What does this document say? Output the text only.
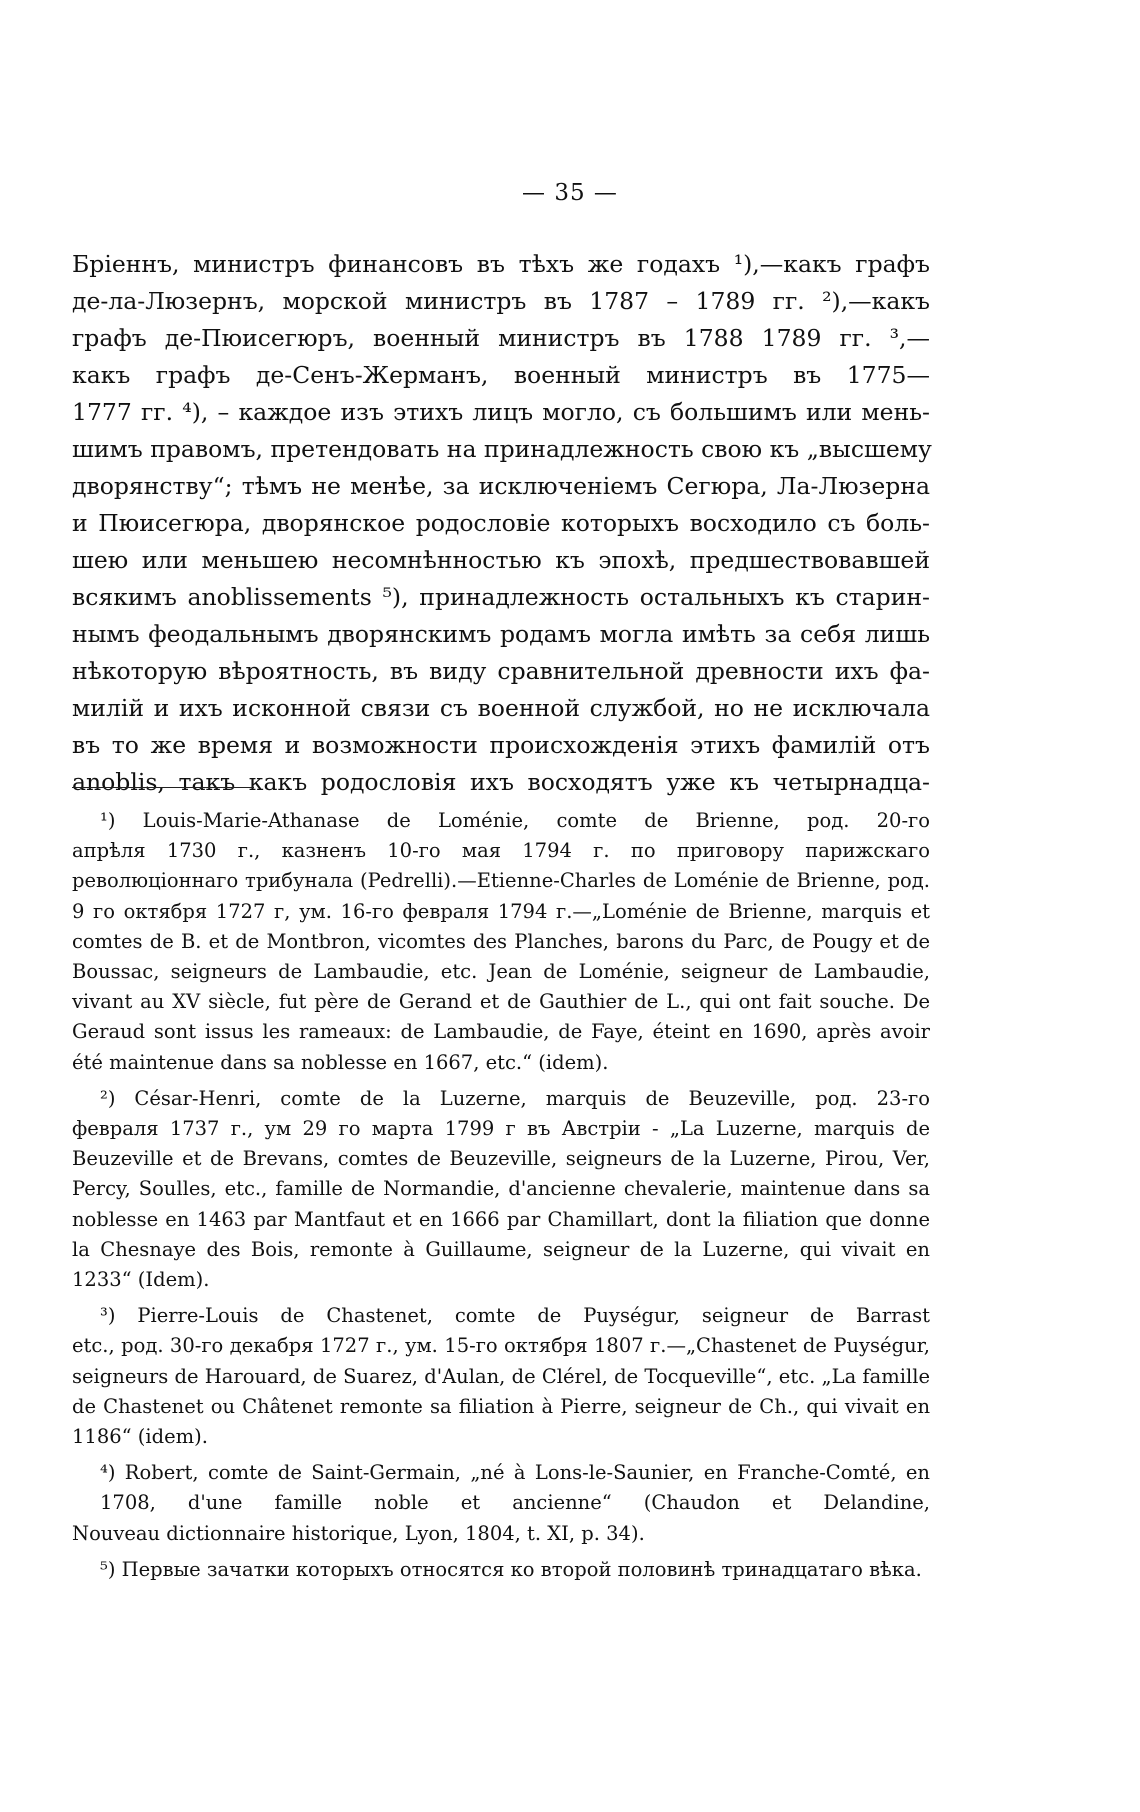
— 35 —
Бріеннъ, министръ финансовъ въ тѣхъ же годахъ ¹),—какъ графъ
де-ла-Люзернъ, морской министръ въ 1787 – 1789 гг. ²),—какъ
графъ де-Пюисегюръ, военный министръ въ 1788 1789 гг. ³,—
какъ графъ де-Сенъ-Жерманъ, военный министръ въ 1775—
1777 гг. ⁴), – каждое изъ этихъ лицъ могло, съ большимъ или мень-
шимъ правомъ, претендовать на принадлежность свою къ „высшему
дворянству“; тѣмъ не менѣе, за исключеніемъ Сегюра, Ла-Люзерна
и Пюисегюра, дворянское родословіе которыхъ восходило съ боль-
шею или меньшею несомнѣнностью къ эпохѣ, предшествовавшей
всякимъ anoblissements ⁵), принадлежность остальныхъ къ старин-
нымъ феодальнымъ дворянскимъ родамъ могла имѣть за себя лишь
нѣкоторую вѣроятность, въ виду сравнительной древности ихъ фа-
милій и ихъ исконной связи съ военной службой, но не исключала
въ то же время и возможности происхожденія этихъ фамилій отъ
anoblis, такъ какъ родословія ихъ восходятъ уже къ четырнадца-
¹) Louis-Marie-Athanase de Loménie, comte de Brienne, род. 20-го
апрѣля 1730 г., казненъ 10-го мая 1794 г. по приговору парижскаго революціоннаго трибунала (Pedrelli).—Etienne-Charles de Loménie de Brienne, род. 9 го октября 1727 г, ум. 16-го февраля 1794 г.—„Loménie de Brienne, marquis et comtes de B. et de Montbron, vicomtes des Planches, barons du Parc, de Pougy et de Boussac, seigneurs de Lambaudie, etc. Jean de Loménie, seigneur de Lambaudie, vivant au XV siècle, fut père de Gerand et de Gauthier de L., qui ont fait souche. De Geraud sont issus les rameaux: de Lambaudie, de Faye, éteint en 1690, après avoir été maintenue dans sa noblesse en 1667, etc.“ (idem).
²) César-Henri, comte de la Luzerne, marquis de Beuzeville, род. 23-го
февраля 1737 г., ум 29 го марта 1799 г въ Австріи - „La Luzerne, marquis de Beuzeville et de Brevans, comtes de Beuzeville, seigneurs de la Luzerne, Pirou, Ver, Percy, Soulles, etc., famille de Normandie, d'ancienne chevalerie, maintenue dans sa noblesse en 1463 par Mantfaut et en 1666 par Chamillart, dont la filiation que donne la Chesnaye des Bois, remonte à Guillaume, seigneur de la Luzerne, qui vivait en 1233“ (Idem).
³) Pierre-Louis de Chastenet, comte de Puységur, seigneur de Barrast
etc., род. 30-го декабря 1727 г., ум. 15-го октября 1807 г.—„Chastenet de Puységur, seigneurs de Harouard, de Suarez, d'Aulan, de Clérel, de Tocqueville“, etc. „La famille de Chastenet ou Châtenet remonte sa filiation à Pierre, seigneur de Ch., qui vivait en 1186“ (idem).
⁴) Robert, comte de Saint-Germain, „né à Lons-le-Saunier, en Franche-Comté, en 1708, d'une famille noble et ancienne“ (Chaudon et Delandine,
Nouveau dictionnaire historique, Lyon, 1804, t. XI, p. 34).
⁵) Первые зачатки которыхъ относятся ко второй половинѣ тринадцатаго вѣка.
